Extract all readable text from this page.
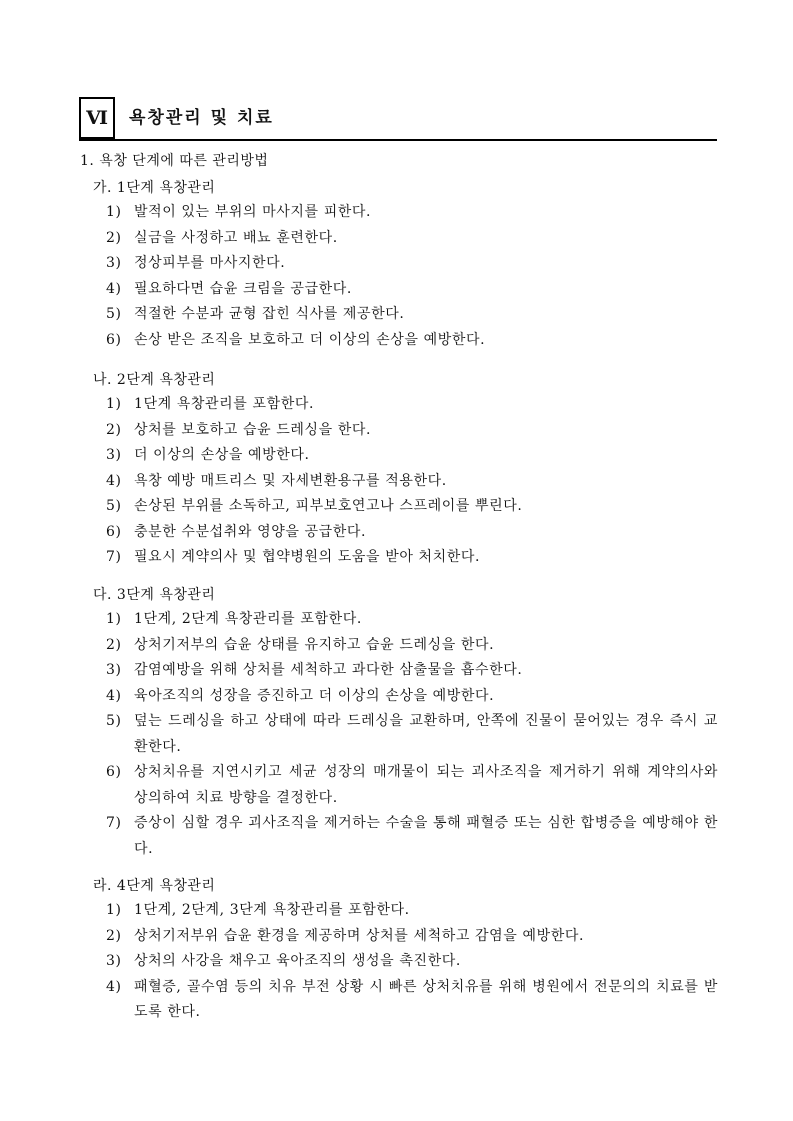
Ⅵ	욕창관리 및 치료
1. 욕창 단계에 따른 관리방법
가. 1단계 욕창관리
1) 발적이 있는 부위의 마사지를 피한다.
2) 실금을 사정하고 배뇨 훈련한다.
3) 정상피부를 마사지한다.
4) 필요하다면 습윤 크림을 공급한다.
5) 적절한 수분과 균형 잡힌 식사를 제공한다.
6) 손상 받은 조직을 보호하고 더 이상의 손상을 예방한다.
나. 2단계 욕창관리
1) 1단계 욕창관리를 포함한다.
2) 상처를 보호하고 습윤 드레싱을 한다.
3) 더 이상의 손상을 예방한다.
4) 욕창 예방 매트리스 및 자세변환용구를 적용한다.
5) 손상된 부위를 소독하고, 피부보호연고나 스프레이를 뿌린다.
6) 충분한 수분섭취와 영양을 공급한다.
7) 필요시 계약의사 및 협약병원의 도움을 받아 처치한다.
다. 3단계 욕창관리
1) 1단계, 2단계 욕창관리를 포함한다.
2) 상처기저부의 습윤 상태를 유지하고 습윤 드레싱을 한다.
3) 감염예방을 위해 상처를 세척하고 과다한 삼출물을 흡수한다.
4) 육아조직의 성장을 증진하고 더 이상의 손상을 예방한다.
5) 덮는 드레싱을 하고 상태에 따라 드레싱을 교환하며, 안쪽에 진물이 묻어있는 경우 즉시 교환한다.
6) 상처치유를 지연시키고 세균 성장의 매개물이 되는 괴사조직을 제거하기 위해 계약의사와 상의하여 치료 방향을 결정한다.
7) 증상이 심할 경우 괴사조직을 제거하는 수술을 통해 패혈증 또는 심한 합병증을 예방해야 한다.
라. 4단계 욕창관리
1) 1단계, 2단계, 3단계 욕창관리를 포함한다.
2) 상처기저부위 습윤 환경을 제공하며 상처를 세척하고 감염을 예방한다.
3) 상처의 사강을 채우고 육아조직의 생성을 촉진한다.
4) 패혈증, 골수염 등의 치유 부전 상황 시 빠른 상처치유를 위해 병원에서 전문의의 치료를 받도록 한다.
